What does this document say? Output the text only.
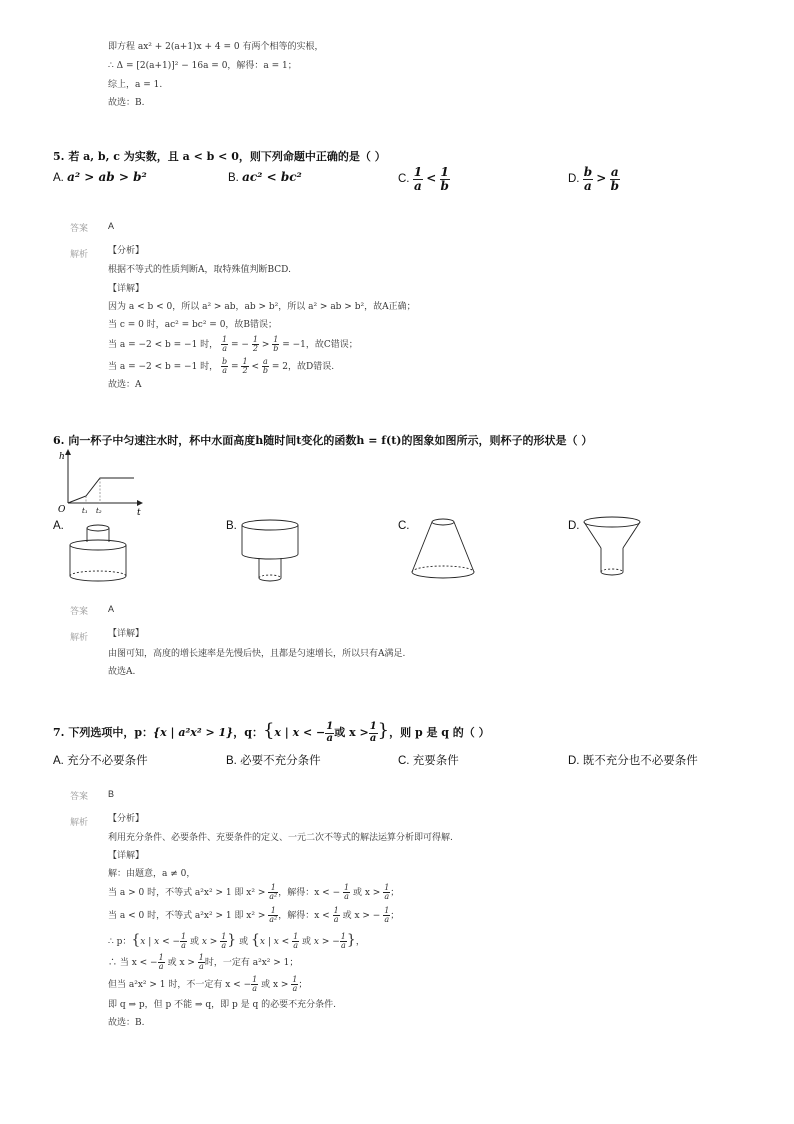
即方程 ax² + 2(a+1)x + 4 = 0 有两个相等的实根，
∴ Δ = [2(a+1)]² − 16a = 0，解得：a = 1；
综上，a = 1.
故选：B.
5. 若 a, b, c 为实数，且 a < b < 0，则下列命题中正确的是（ ）
A. a² > ab > b²	B. ac² < bc²	C. $\frac{1}{a} < \frac{1}{b}$	D. $\frac{b}{a} > \frac{a}{b}$
答案 A
解析 【分析】
根据不等式的性质判断A，取特殊值判断BCD.
【详解】
因为 a < b < 0，所以 a² > ab，ab > b²，所以 a² > ab > b²，故A正确；
当 c = 0 时，ac² = bc² = 0，故B错误；
当 a = −2 < b = −1 时， $\frac{1}{a}$ = − $\frac{1}{2} > \frac{1}{b} = -1$，故C错误；
当 a = −2 < b = −1 时， $\frac{b}{a} = \frac{1}{2} < \frac{a}{b} = 2$，故D错误.
故选：A
6. 向一杯子中匀速注水时，杯中水面高度h随时间t变化的函数h = f(t)的图象如图所示，则杯子的形状是（ ）
h
t
O t₁ t₂
A.	B.	C.	D.
答案 A
解析 【详解】
由图可知，高度的增长速率是先慢后快，且都是匀速增长，所以只有A满足.
故选A.
7. 下列选项中，p：{x | a²x² > 1}，q：{x | x < − $\frac{1}{a}$ 或 $x > \frac{1}{a}$ }，则 p 是 q 的（ ）
A. 充分不必要条件	B. 必要不充分条件	C. 充要条件	D. 既不充分也不必要条件
答案 B
解析 【分析】
利用充分条件、必要条件、充要条件的定义、一元二次不等式的解法运算分析即可得解.
【详解】
解：由题意，a ≠ 0，
当 a > 0 时，不等式 a²x² > 1 即 $x^2 > \frac{1}{\text{a²}}$ ，解得：x < − $\frac{1}{a}$ 或 $x > \frac{1}{a}$ ；
当 a < 0 时，不等式 a²x² > 1 即 $x^2 > \frac{1}{\text{a²}}$ ，解得：$x < \frac{1}{a}$ 或 x > − $\frac{1}{a}$ ；
∴ p：{x | x < − $\frac{1}{a}$ 或 $x > \frac{1}{a}$ } 或 {x | $x < \frac{1}{a}$ 或 x > − $\frac{1}{a}$ }，
∴ 当 x < − $\frac{1}{a}$ 或 $x > \frac{1}{a}$ 时，一定有 a²x² > 1；
但当 a²x² > 1 时，不一定有 x < − $\frac{1}{a}$ 或 $x > \frac{1}{a}$ ；
即 q ⇒ p，但 p 不能 ⇒ q，即 p 是 q 的必要不充分条件.
故选：B.
